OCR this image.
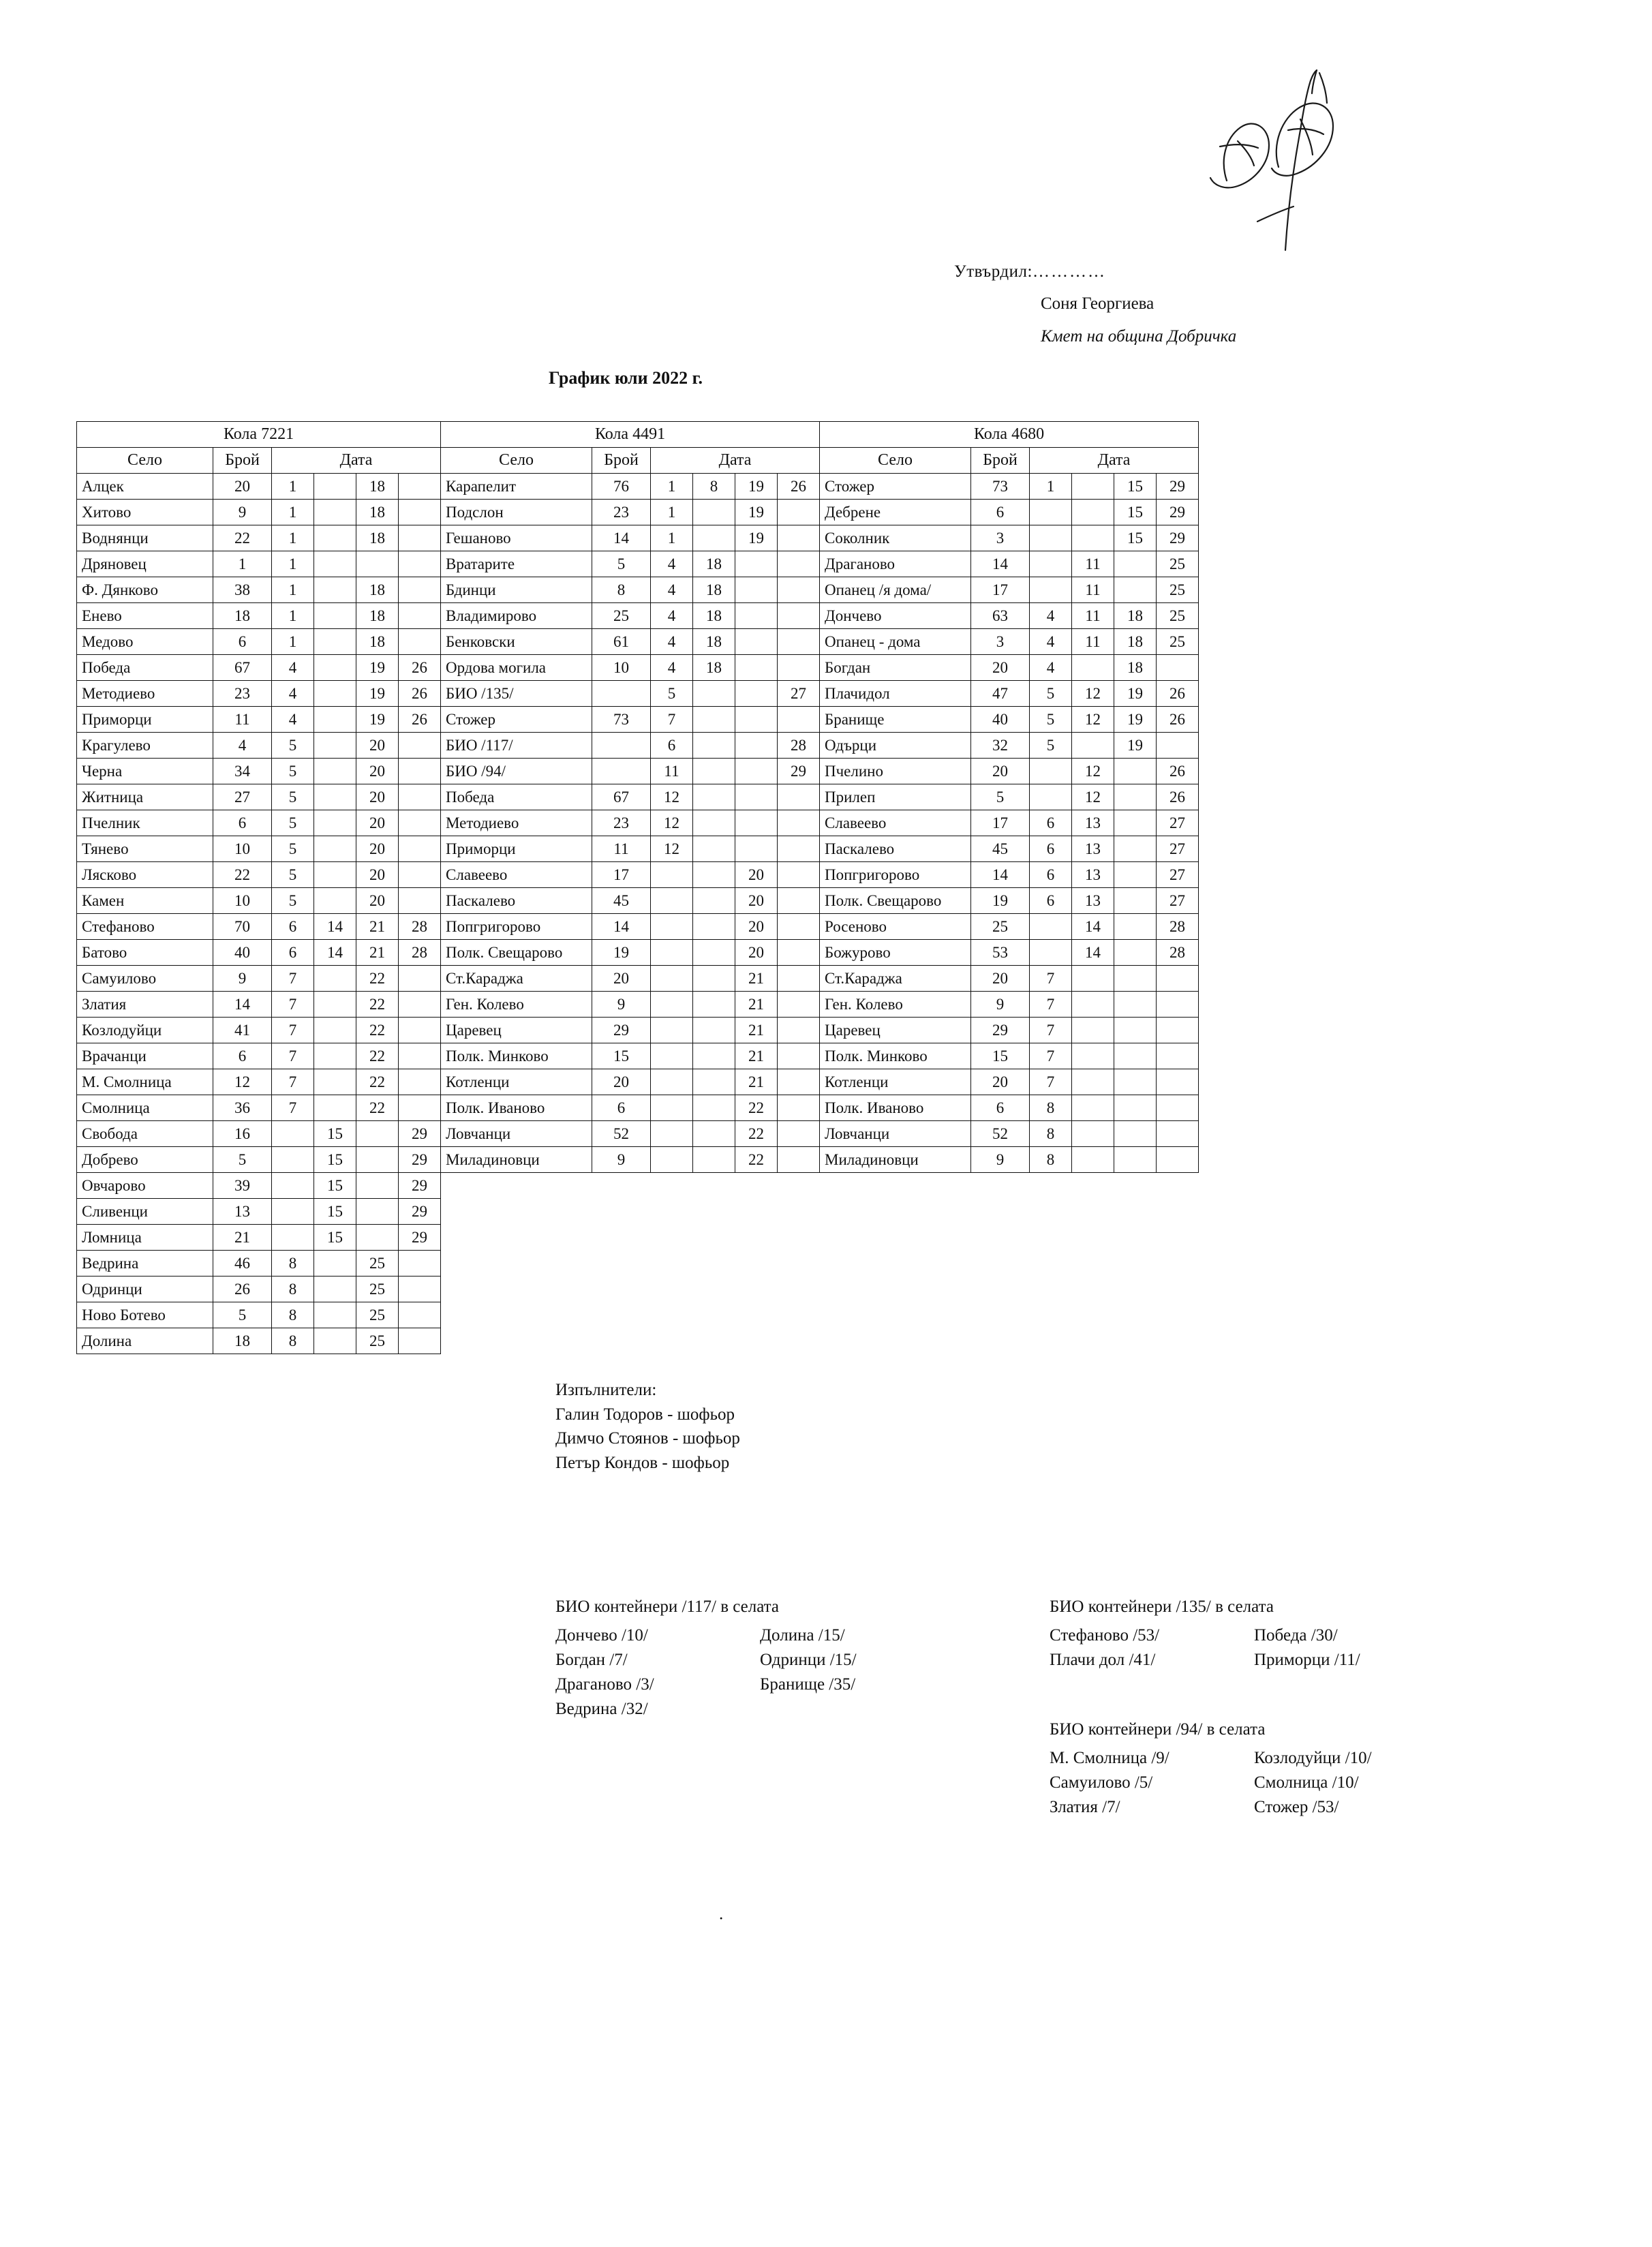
Утвърдил:…………
Соня Георгиева
Кмет на община Добричка
График юли 2022 г.
Кола 7221						Кола 4491						Кола 4680					
Село	Брой	Дата				Село	Брой	Дата				Село	Брой	Дата			
Алцек	20	1		18		Карапелит	76	1	8	19	26	Стожер	73	1		15	29
Хитово	9	1		18		Подслон	23	1		19		Дебрене	6			15	29
Воднянци	22	1		18		Гешаново	14	1		19		Соколник	3			15	29
Дряновец	1	1				Вратарите	5	4	18			Драганово	14		11		25
Ф. Дянково	38	1		18		Бдинци	8	4	18			Опанец /я дома/	17		11		25
Енево	18	1		18		Владимирово	25	4	18			Дончево	63	4	11	18	25
Медово	6	1		18		Бенковски	61	4	18			Опанец - дома	3	4	11	18	25
Победа	67	4		19	26	Ордова могила	10	4	18			Богдан	20	4		18	
Методиево	23	4		19	26	БИО /135/		5			27	Плачидол	47	5	12	19	26
Приморци	11	4		19	26	Стожер	73	7				Бранище	40	5	12	19	26
Крагулево	4	5		20		БИО /117/		6			28	Одърци	32	5		19	
Черна	34	5		20		БИО /94/		11			29	Пчелино	20		12		26
Житница	27	5		20		Победа	67	12				Прилеп	5		12		26
Пчелник	6	5		20		Методиево	23	12				Славеево	17	6	13		27
Тяневo	10	5		20		Приморци	11	12				Паскалево	45	6	13		27
Лясково	22	5		20		Славеево	17			20		Попгригорово	14	6	13		27
Камен	10	5		20		Паскалево	45			20		Полк. Свещарово	19	6	13		27
Стефаново	70	6	14	21	28	Попгригорово	14			20		Росеново	25		14		28
Батово	40	6	14	21	28	Полк. Свещарово	19			20		Божурово	53		14		28
Самуилово	9	7		22		Ст.Караджа	20			21		Ст.Караджа	20	7			
Златия	14	7		22		Ген. Колево	9			21		Ген. Колево	9	7			
Козлодуйци	41	7		22		Царевец	29			21		Царевец	29	7			
Врачанци	6	7		22		Полк. Минково	15			21		Полк. Минково	15	7			
М. Смолница	12	7		22		Котленци	20			21		Котленци	20	7			
Смолница	36	7		22		Полк. Иваново	6			22		Полк. Иваново	6	8			
Свобода	16		15		29	Ловчанци	52			22		Ловчанци	52	8			
Добрево	5		15		29	Миладиновци	9			22		Миладиновци	9	8			
Овчарово	39		15		29												
Сливенци	13		15		29												
Ломница	21		15		29												
Ведрина	46	8		25													
Одринци	26	8		25													
Ново Ботево	5	8		25													
Долина	18	8		25													
Изпълнители:
Галин Тодоров - шофьор
Димчо Стоянов - шофьор
Петър Кондов - шофьор
БИО контейнери /117/ в селата
Дончево /10/
Богдан /7/
Драганово /3/
Ведрина /32/
Долина /15/
Одринци /15/
Бранище /35/
БИО контейнери /135/ в селата
Стефаново /53/
Плачи дол /41/
Победа /30/
Приморци /11/
БИО контейнери /94/ в селата
М. Смолница /9/
Самуилово /5/
Златия /7/
Козлодуйци /10/
Смолница /10/
Стожер /53/
.
